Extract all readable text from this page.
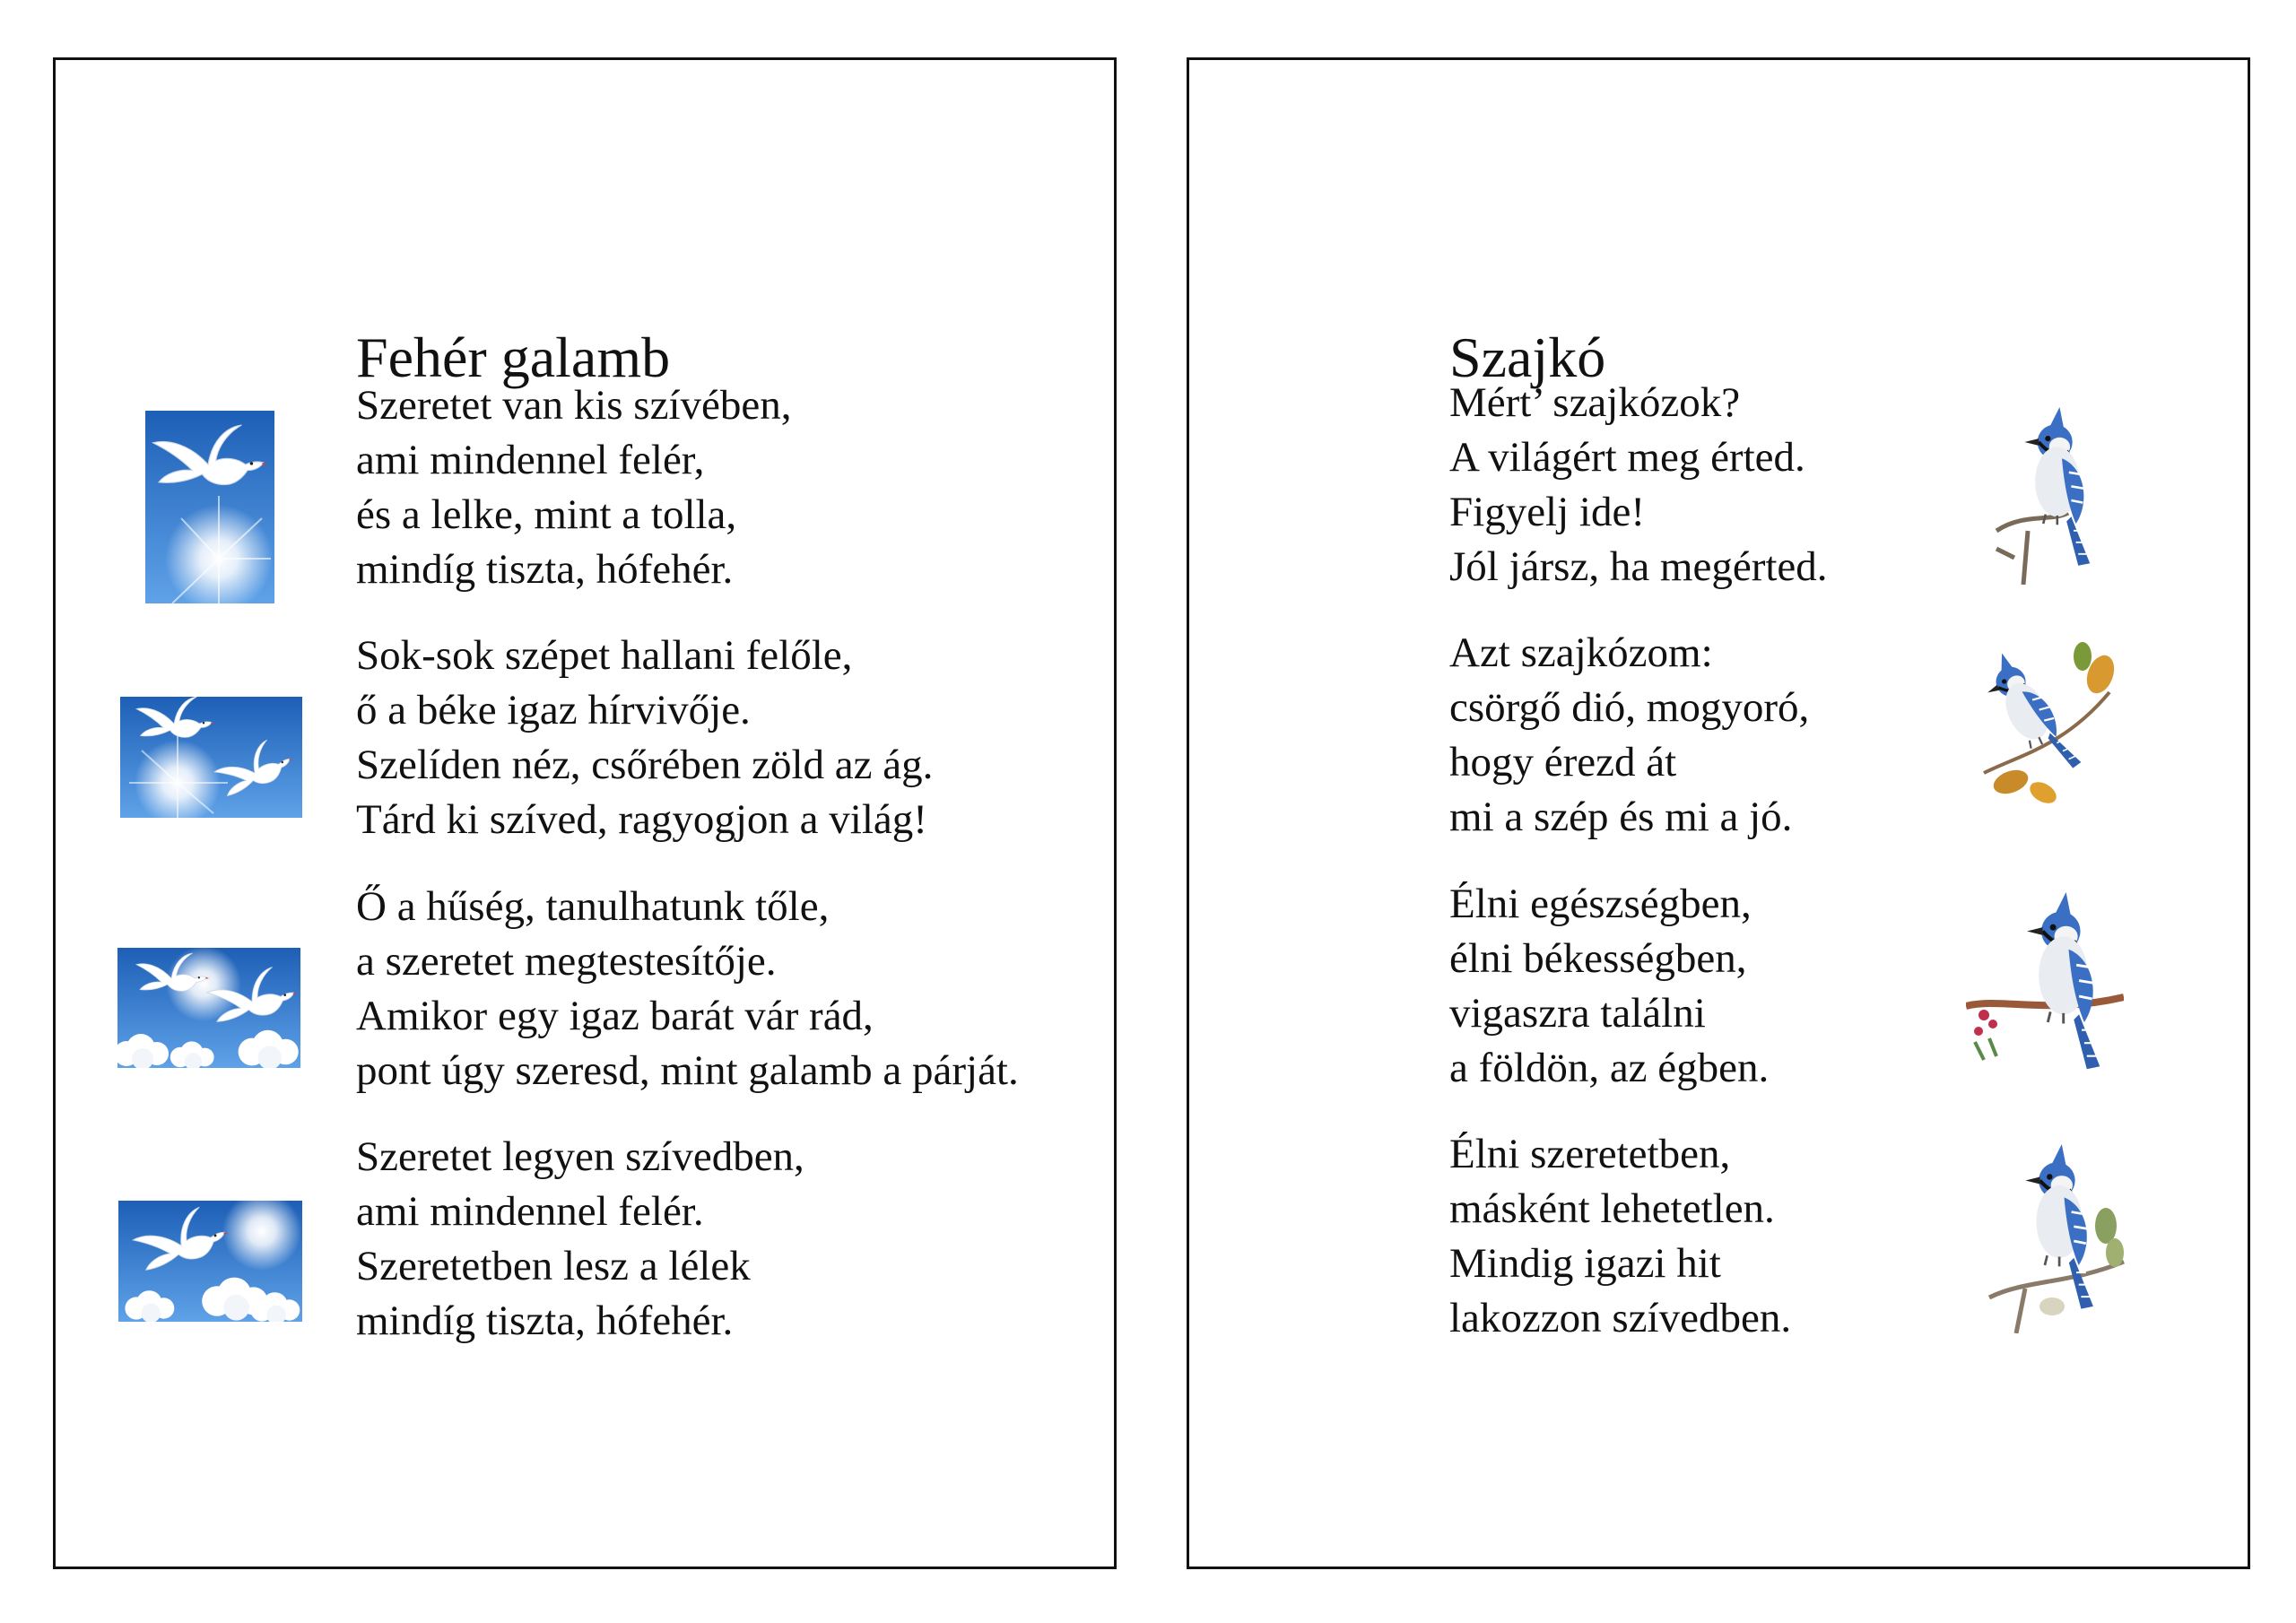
Fehér galamb
Szeretet van kis szívében,
ami mindennel felér,
és a lelke, mint a tolla,
mindíg tiszta, hófehér.
Sok-sok szépet hallani felőle,
ő a béke igaz hírvivője.
Szelíden néz, csőrében zöld az ág.
Tárd ki szíved, ragyogjon a világ!
Ő a hűség, tanulhatunk tőle,
a szeretet megtestesítője.
Amikor egy igaz barát vár rád,
pont úgy szeresd, mint galamb a párját.
Szeretet legyen szívedben,
ami mindennel felér.
Szeretetben lesz a lélek
mindíg tiszta, hófehér.
Szajkó
Mért’ szajkózok?
A világért meg érted.
Figyelj ide!
Jól jársz, ha megérted.
Azt szajkózom:
csörgő dió, mogyoró,
hogy érezd át
mi a szép és mi a jó.
Élni egészségben,
élni békességben,
vigaszra találni
a földön, az égben.
Élni szeretetben,
másként lehetetlen.
Mindig igazi hit
lakozzon szívedben.
